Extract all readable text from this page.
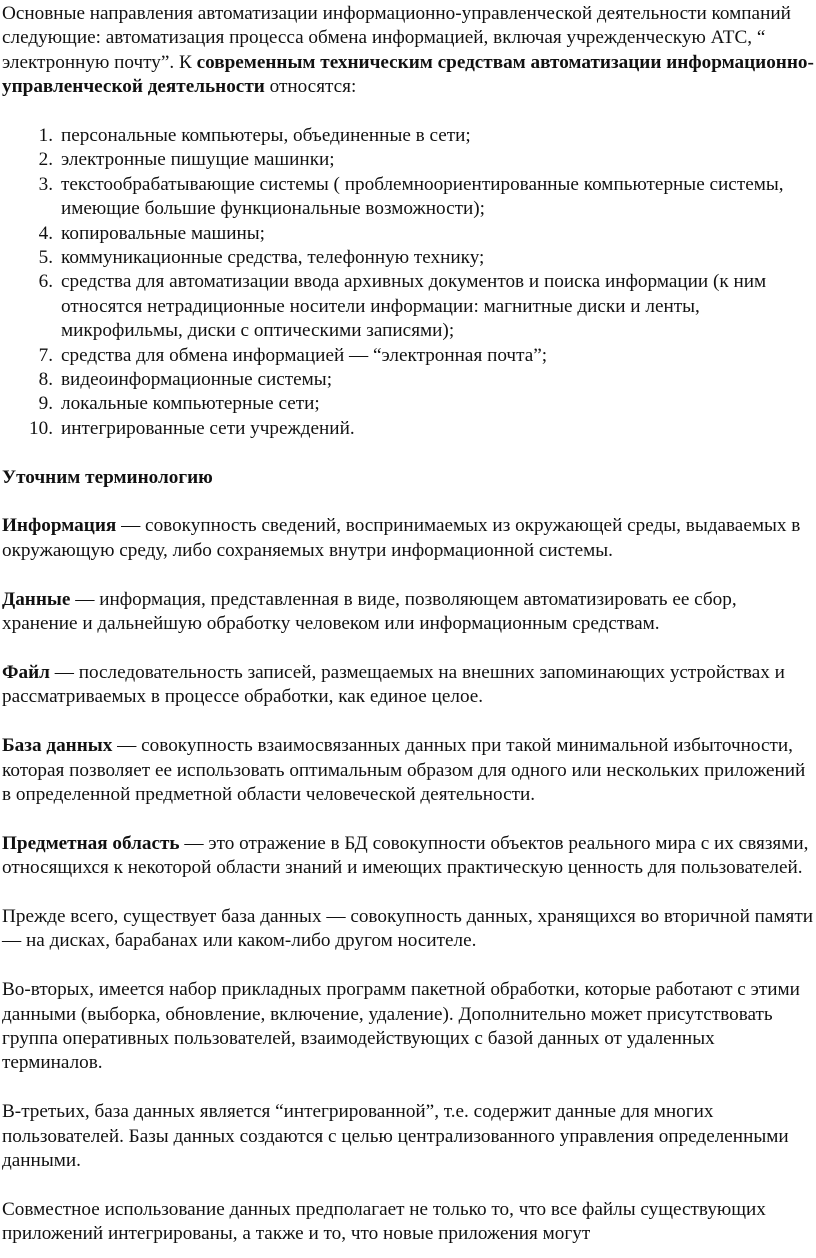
Основные направления автоматизации информационно-управленческой деятельности компаний следующие: автоматизация процесса обмена информацией, включая учрежденческую АТС, “ электронную почту”. К современным техническим средствам автоматизации информационно-управленческой деятельности относятся:

1. персональные компьютеры, объединенные в сети;
2. электронные пишущие машинки;
3. текстообрабатывающие системы ( проблемноориентированные компьютерные системы, имеющие большие функциональные возможности);
4. копировальные машины;
5. коммуникационные средства, телефонную технику;
6. средства для автоматизации ввода архивных документов и поиска информации (к ним относятся нетрадиционные носители информации: магнитные диски и ленты, микрофильмы, диски с оптическими записями);
7. средства для обмена информацией — “электронная почта”;
8. видеоинформационные системы;
9. локальные компьютерные сети;
10. интегрированные сети учреждений.

Уточним терминологию

Информация — совокупность сведений, воспринимаемых из окружающей среды, выдаваемых в окружающую среду, либо сохраняемых внутри информационной системы.

Данные — информация, представленная в виде, позволяющем автоматизировать ее сбор, хранение и дальнейшую обработку человеком или информационным средствам.

Файл — последовательность записей, размещаемых на внешних запоминающих устройствах и рассматриваемых в процессе обработки, как единое целое.

База данных — совокупность взаимосвязанных данных при такой минимальной избыточности, которая позволяет ее использовать оптимальным образом для одного или нескольких приложений в определенной предметной области человеческой деятельности.

Предметная область — это отражение в БД совокупности объектов реального мира с их связями, относящихся к некоторой области знаний и имеющих практическую ценность для пользователей.

Прежде всего, существует база данных — совокупность данных, хранящихся во вторичной памяти — на дисках, барабанах или каком-либо другом носителе.

Во-вторых, имеется набор прикладных программ пакетной обработки, которые работают с этими данными (выборка, обновление, включение, удаление). Дополнительно может присутствовать группа оперативных пользователей, взаимодействующих с базой данных от удаленных терминалов.

В-третьих, база данных является “интегрированной”, т.е. содержит данные для многих пользователей. Базы данных создаются с целью централизованного управления определенными данными.

Совместное использование данных предполагает не только то, что все файлы существующих приложений интегрированы, а также и то, что новые приложения могут
